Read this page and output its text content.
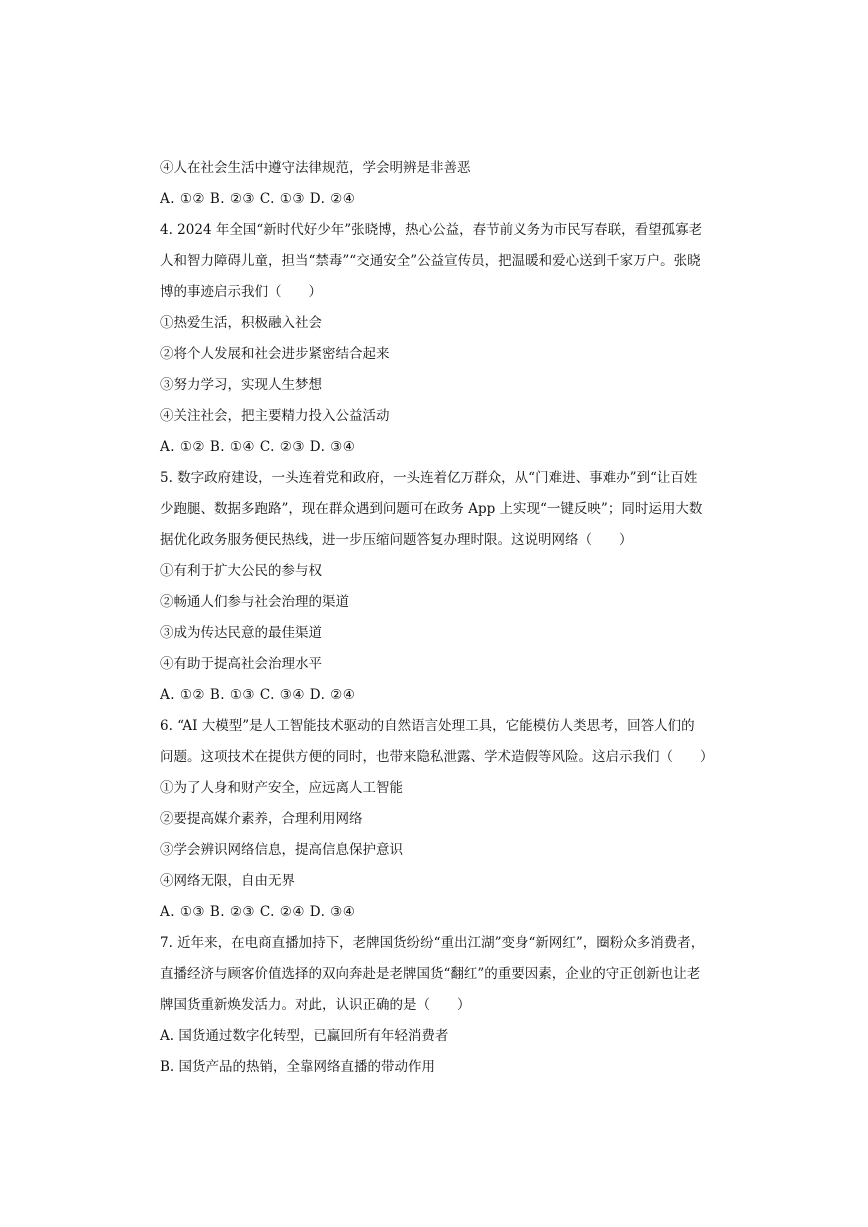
④人在社会生活中遵守法律规范，学会明辨是非善恶
A. ①② B. ②③ C. ①③ D. ②④
4. 2024 年全国“新时代好少年”张晓博，热心公益，春节前义务为市民写春联，看望孤寡老
人和智力障碍儿童，担当“禁毒”“交通安全”公益宣传员，把温暖和爱心送到千家万户。张晓
博的事迹启示我们（　　）
①热爱生活，积极融入社会
②将个人发展和社会进步紧密结合起来
③努力学习，实现人生梦想
④关注社会，把主要精力投入公益活动
A. ①② B. ①④ C. ②③ D. ③④
5. 数字政府建设，一头连着党和政府，一头连着亿万群众，从“门难进、事难办”到“让百姓
少跑腿、数据多跑路”，现在群众遇到问题可在政务 App 上实现“一键反映”；同时运用大数
据优化政务服务便民热线，进一步压缩问题答复办理时限。这说明网络（　　）
①有利于扩大公民的参与权
②畅通人们参与社会治理的渠道
③成为传达民意的最佳渠道
④有助于提高社会治理水平
A. ①② B. ①③ C. ③④ D. ②④
6. “AI 大模型”是人工智能技术驱动的自然语言处理工具，它能模仿人类思考，回答人们的
问题。这项技术在提供方便的同时，也带来隐私泄露、学术造假等风险。这启示我们（　　）
①为了人身和财产安全，应远离人工智能
②要提高媒介素养，合理利用网络
③学会辨识网络信息，提高信息保护意识
④网络无限，自由无界
A. ①③ B. ②③ C. ②④ D. ③④
7. 近年来，在电商直播加持下，老牌国货纷纷“重出江湖”变身“新网红”，圈粉众多消费者，
直播经济与顾客价值选择的双向奔赴是老牌国货“翻红”的重要因素，企业的守正创新也让老
牌国货重新焕发活力。对此，认识正确的是（　　）
A. 国货通过数字化转型，已赢回所有年轻消费者
B. 国货产品的热销，全靠网络直播的带动作用
